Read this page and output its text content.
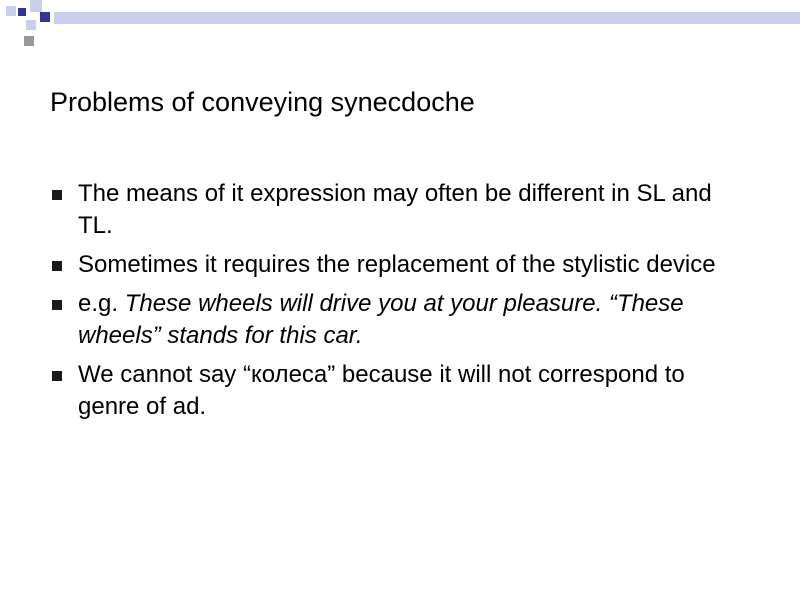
Problems of conveying synecdoche
The means of it expression may often be different in SL and TL.
Sometimes it requires the replacement of the stylistic device
e.g. These wheels will drive you at your pleasure. “These wheels” stands for this car.
We cannot say “колеса” because it will not correspond to genre of ad.
